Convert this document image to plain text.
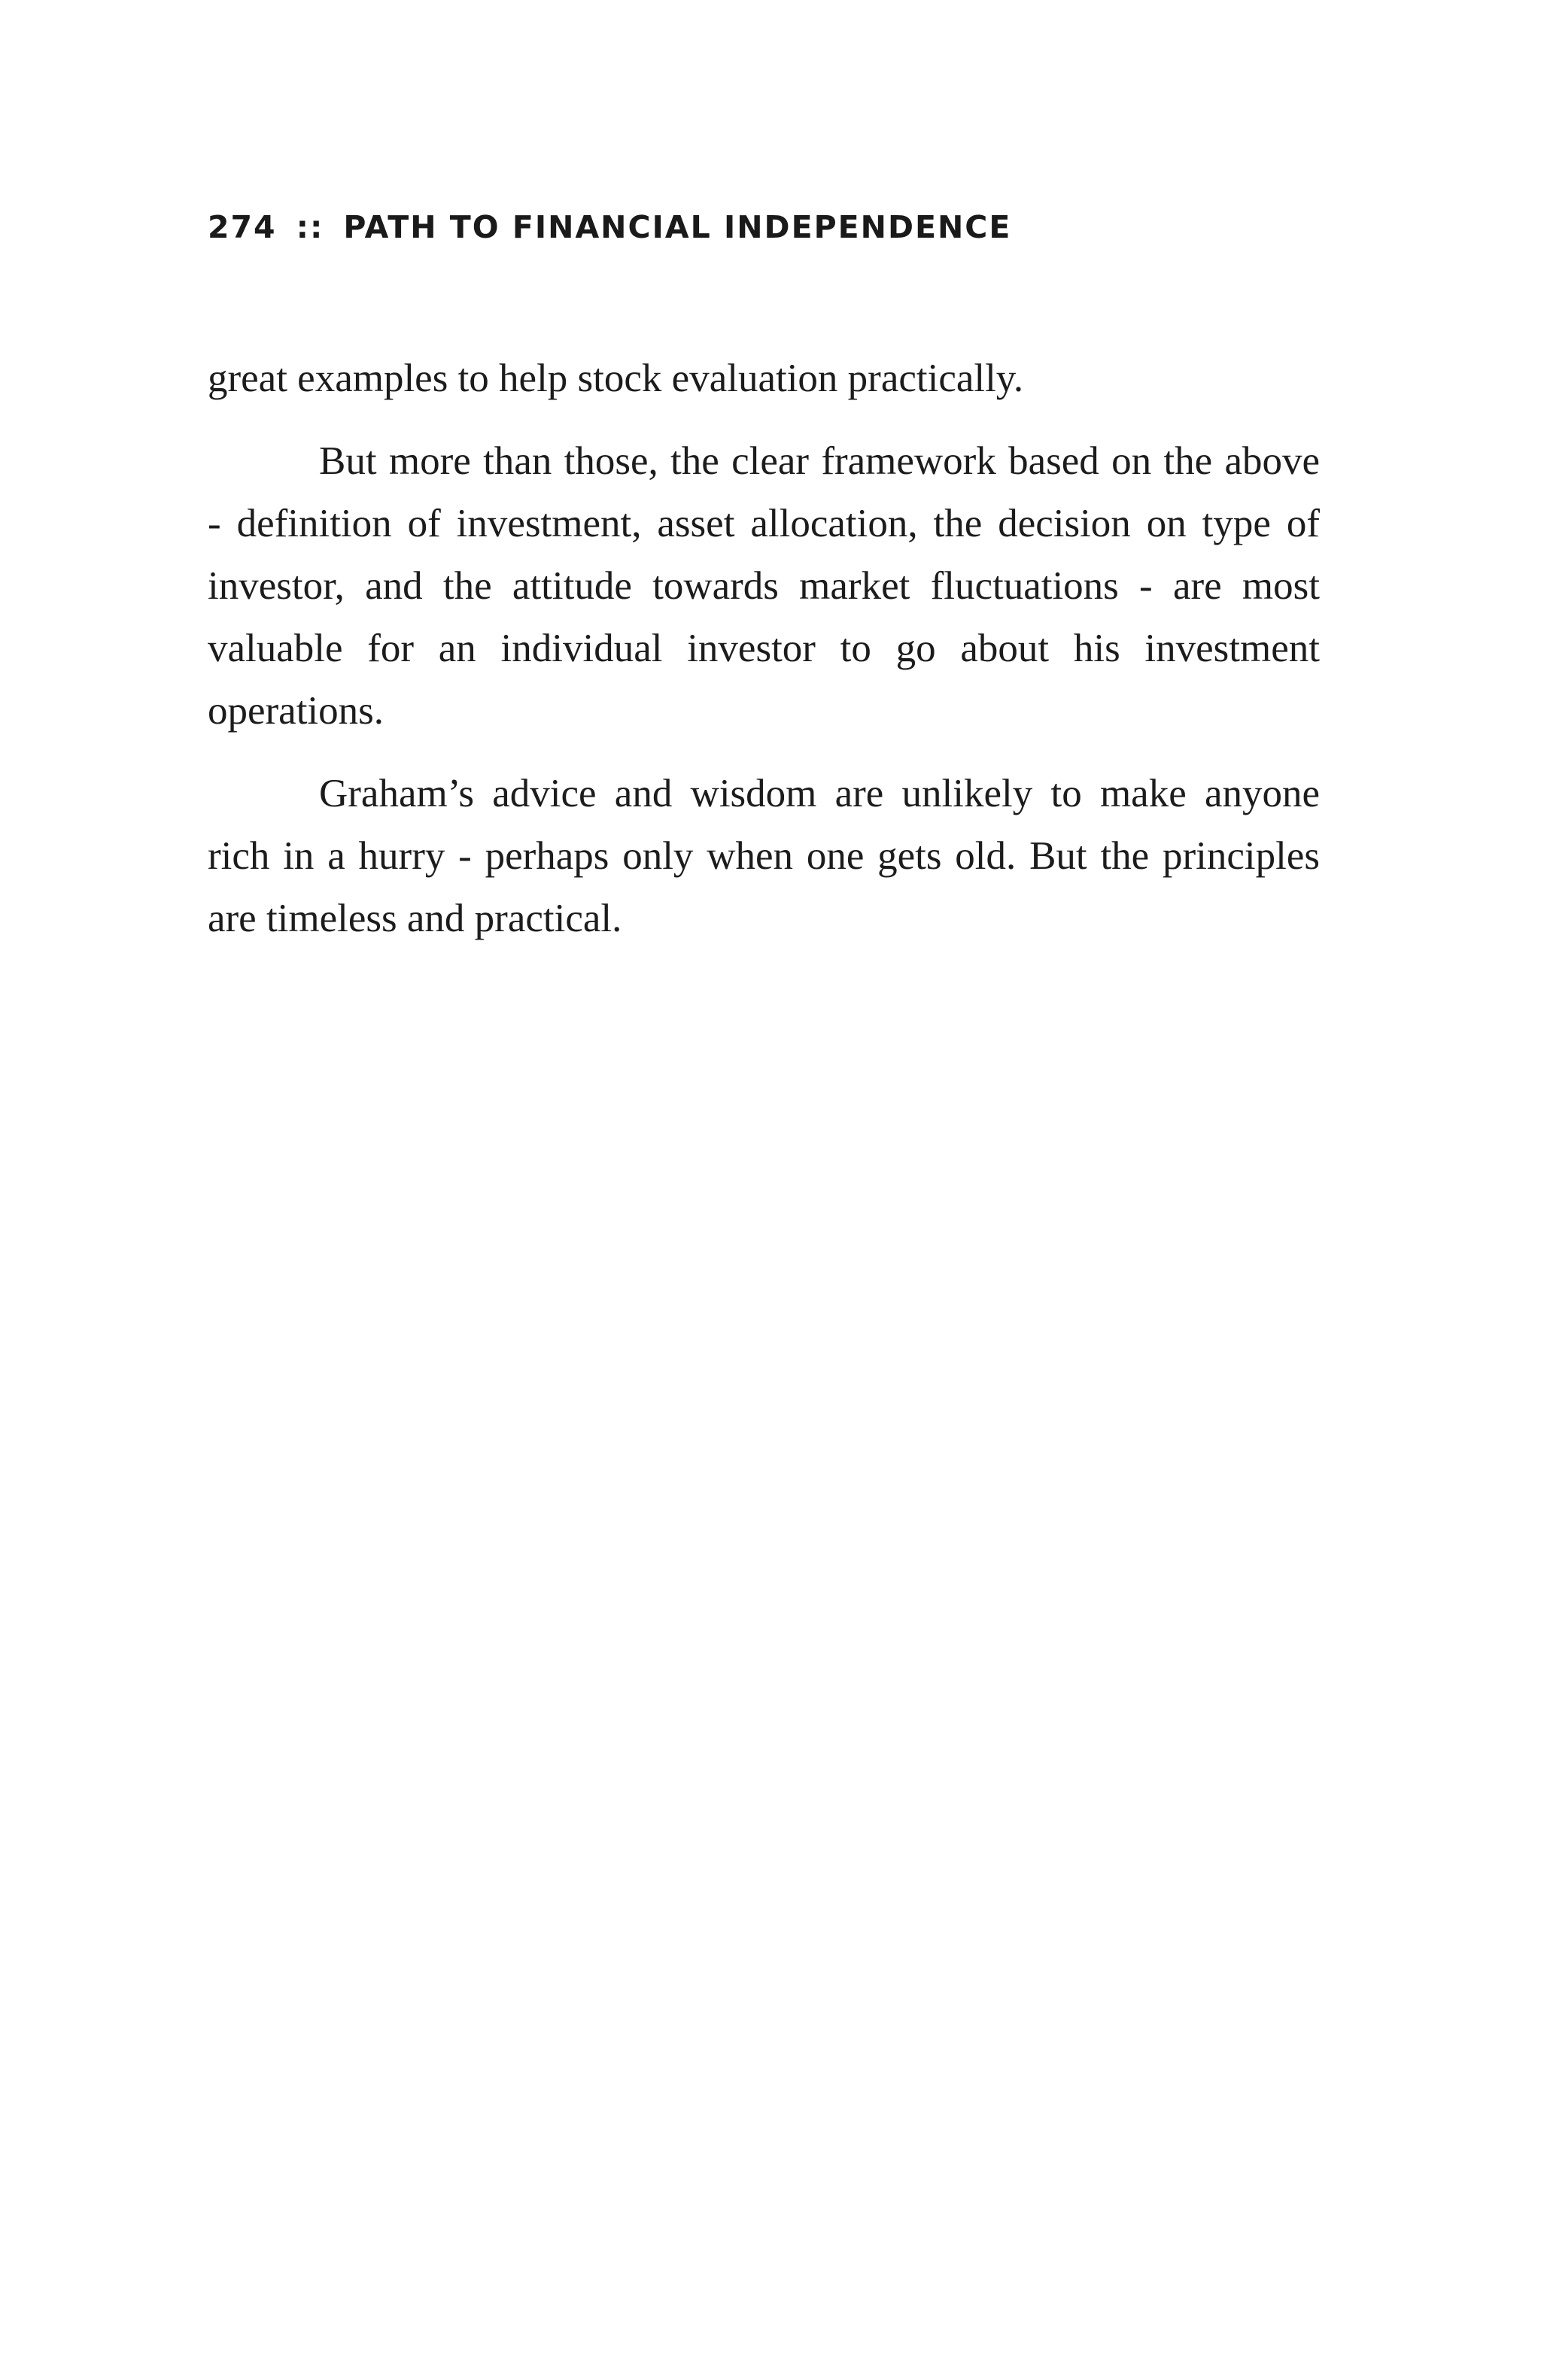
274 :: PATH TO FINANCIAL INDEPENDENCE

great examples to help stock evaluation practically.

But more than those, the clear framework based on the above - definition of investment, asset allocation, the decision on type of investor, and the attitude towards market fluctuations - are most valuable for an individual investor to go about his investment operations.

Graham’s advice and wisdom are unlikely to make anyone rich in a hurry - perhaps only when one gets old. But the principles are timeless and practical.
